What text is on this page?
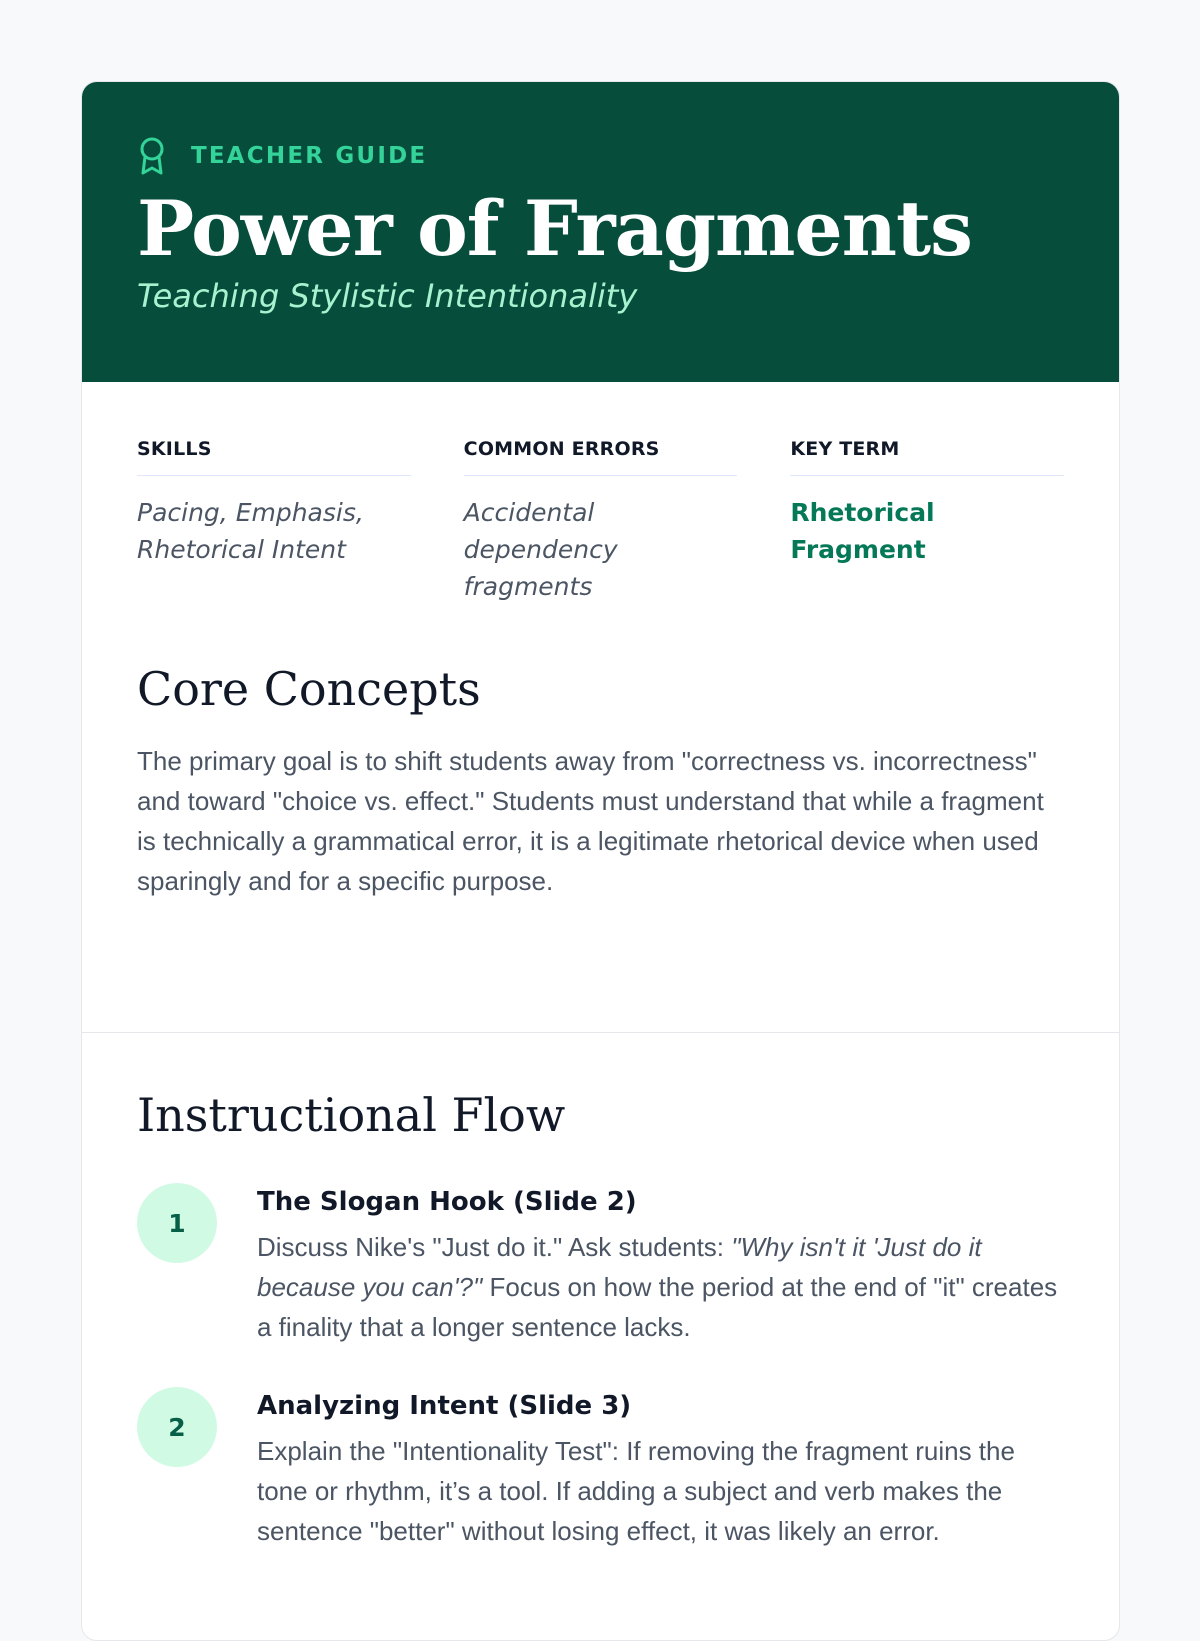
TEACHER GUIDE
Power of Fragments
Teaching Stylistic Intentionality
SKILLS
Pacing, Emphasis, Rhetorical Intent
COMMON ERRORS
Accidental dependency fragments
KEY TERM
Rhetorical Fragment
Core Concepts

The primary goal is to shift students away from "correctness vs. incorrectness" and toward "choice vs. effect." Students must understand that while a fragment is technically a grammatical error, it is a legitimate rhetorical device when used sparingly and for a specific purpose.

Instructional Flow
1
The Slogan Hook (Slide 2)
Discuss Nike's "Just do it." Ask students: "Why isn't it 'Just do it because you can'?" Focus on how the period at the end of "it" creates a finality that a longer sentence lacks.
2
Analyzing Intent (Slide 3)
Explain the "Intentionality Test": If removing the fragment ruins the tone or rhythm, it’s a tool. If adding a subject and verb makes the sentence "better" without losing effect, it was likely an error.
